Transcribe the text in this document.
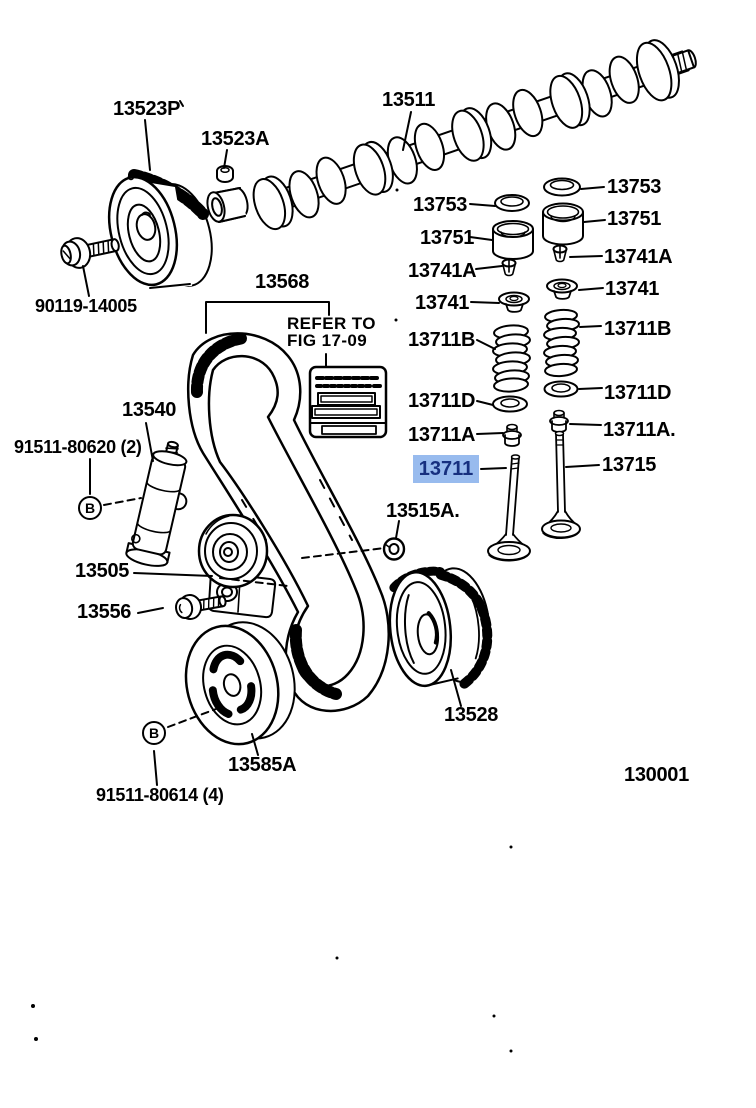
13523P
13523A
90119-14005
13511
13753
13753
13751
13751
13741A
13741A
13741
13741
13711B	13711B
13711D	13711D
13711A	13711A.
13711	13715
13515A.
13568
REFER TO
FIG 17-09
13540
91511-80620 (2)
13505
13556
13585A
91511-80614 (4)
13528
130001
B
B
